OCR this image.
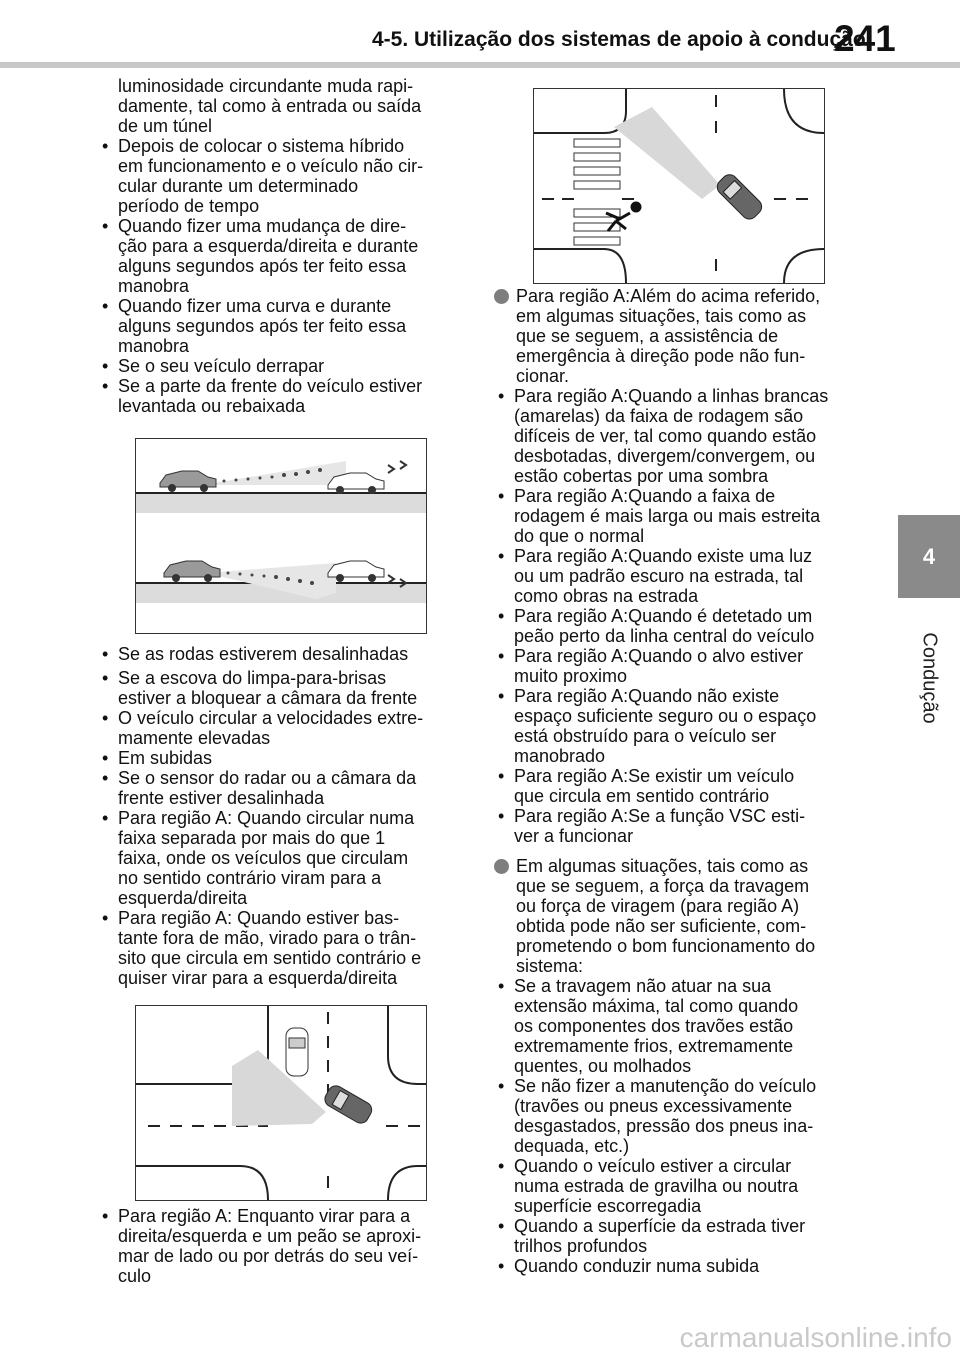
4-5. Utilização dos sistemas de apoio à condução
241
4
Condução
luminosidade circundante muda rapi-
damente, tal como à entrada ou saída
de um túnel
• Depois de colocar o sistema híbrido
em funcionamento e o veículo não cir-
cular durante um determinado
período de tempo
• Quando fizer uma mudança de dire-
ção para a esquerda/direita e durante
alguns segundos após ter feito essa
manobra
• Quando fizer uma curva e durante
alguns segundos após ter feito essa
manobra
• Se o seu veículo derrapar
• Se a parte da frente do veículo estiver
levantada ou rebaixada
• Se as rodas estiverem desalinhadas
• Se a escova do limpa-para-brisas
estiver a bloquear a câmara da frente
• O veículo circular a velocidades extre-
mamente elevadas
• Em subidas
• Se o sensor do radar ou a câmara da
frente estiver desalinhada
• Para região A: Quando circular numa
faixa separada por mais do que 1
faixa, onde os veículos que circulam
no sentido contrário viram para a
esquerda/direita
• Para região A: Quando estiver bas-
tante fora de mão, virado para o trân-
sito que circula em sentido contrário e
quiser virar para a esquerda/direita
• Para região A: Enquanto virar para a
direita/esquerda e um peão se aproxi-
mar de lado ou por detrás do seu veí-
culo
Para região A:Além do acima referido,
em algumas situações, tais como as
que se seguem, a assistência de
emergência à direção pode não fun-
cionar.
• Para região A:Quando a linhas brancas
(amarelas) da faixa de rodagem são
difíceis de ver, tal como quando estão
desbotadas, divergem/convergem, ou
estão cobertas por uma sombra
• Para região A:Quando a faixa de
rodagem é mais larga ou mais estreita
do que o normal
• Para região A:Quando existe uma luz
ou um padrão escuro na estrada, tal
como obras na estrada
• Para região A:Quando é detetado um
peão perto da linha central do veículo
• Para região A:Quando o alvo estiver
muito proximo
• Para região A:Quando não existe
espaço suficiente seguro ou o espaço
está obstruído para o veículo ser
manobrado
• Para região A:Se existir um veículo
que circula em sentido contrário
• Para região A:Se a função VSC esti-
ver a funcionar
Em algumas situações, tais como as
que se seguem, a força da travagem
ou força de viragem (para região A)
obtida pode não ser suficiente, com-
prometendo o bom funcionamento do
sistema:
• Se a travagem não atuar na sua
extensão máxima, tal como quando
os componentes dos travões estão
extremamente frios, extremamente
quentes, ou molhados
• Se não fizer a manutenção do veículo
(travões ou pneus excessivamente
desgastados, pressão dos pneus ina-
dequada, etc.)
• Quando o veículo estiver a circular
numa estrada de gravilha ou noutra
superfície escorregadia
• Quando a superfície da estrada tiver
trilhos profundos
• Quando conduzir numa subida
carmanualsonline.info
